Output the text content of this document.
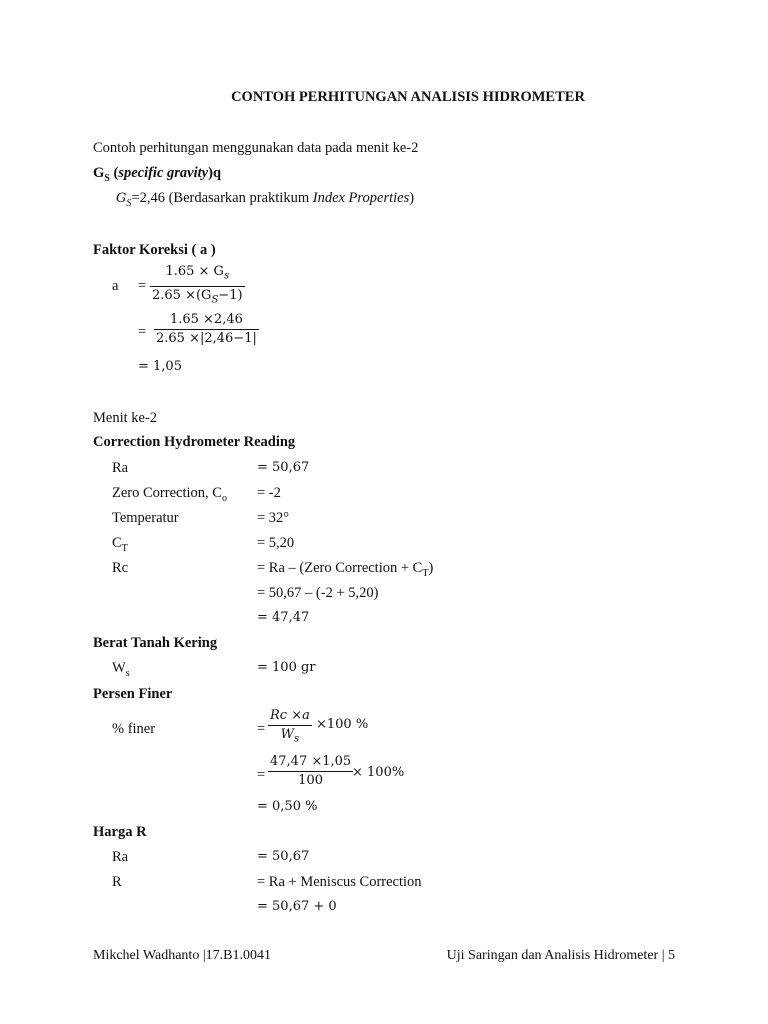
CONTOH PERHITUNGAN ANALISIS HIDROMETER
Contoh perhitungan menggunakan data pada menit ke-2
$G_S$ (specific gravity)q
$G_S=2,46$ (Berdasarkan praktikum Index Properties)
Faktor Koreksi ( a )
$a = \frac{1.65 \times G_s}{2.65 \times(G_S-1)}$
= $\frac{1.65 \times 2,46}{2.65 \times|2,46-1|}$
= 1,05
Menit ke-2
Correction Hydrometer Reading
Ra	= 50,67
Zero Correction, $C_o = -2$
Temperatur	= 32°
$C_T$	= 5,20
Rc	= Ra – (Zero Correction + $C_T$)
= 50,67 – (-2 + 5,20)
= 47,47
Berat Tanah Kering
$W_s$	= 100 gr
Persen Finer
% finer	= $\frac{Rc \times a}{W_s} \times 100$ %
= $\frac{47,47 \times 1,05}{100}$
× 100%
= 0,50 %
Harga R
Ra	= 50,67
R	= Ra + Meniscus Correction
= 50,67 + 0
Mikchel Wadhanto |17.B1.0041	Uji Saringan dan Analisis Hidrometer | 5
